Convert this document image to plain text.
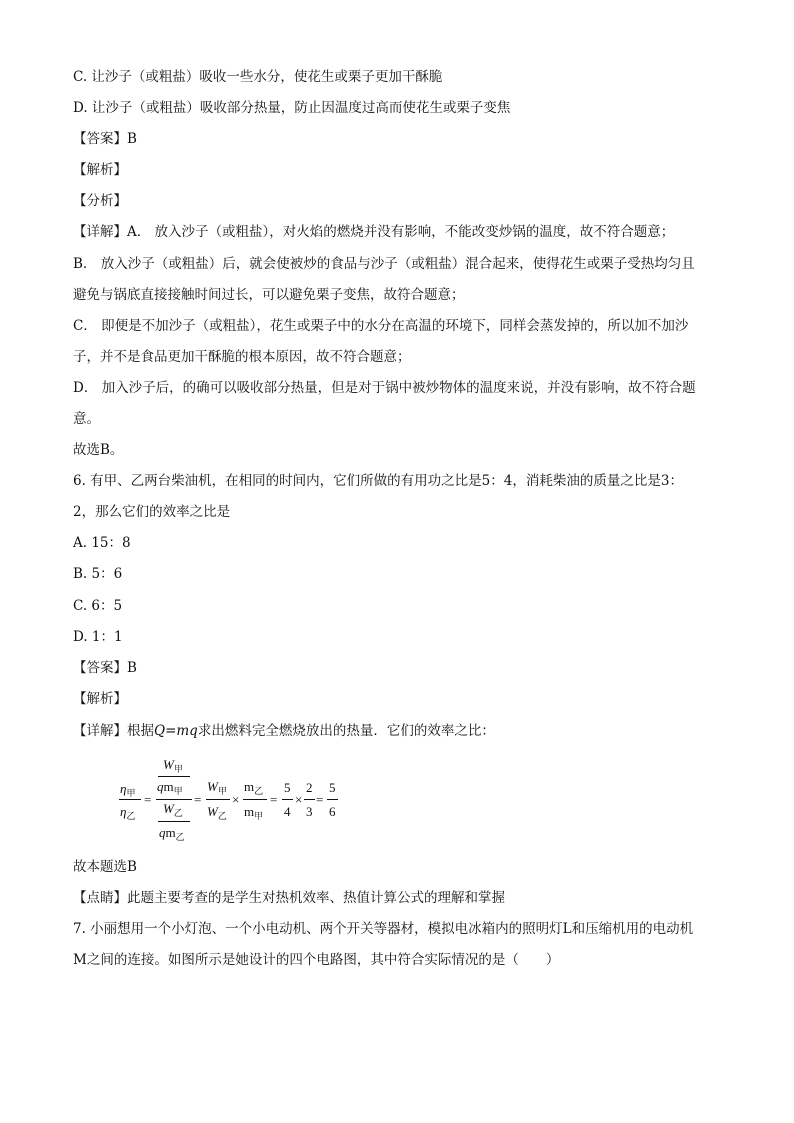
C. 让沙子（或粗盐）吸收一些水分，使花生或栗子更加干酥脆
D. 让沙子（或粗盐）吸收部分热量，防止因温度过高而使花生或栗子变焦
【答案】B
【解析】
【分析】
【详解】A． 放入沙子（或粗盐），对火焰的燃烧并没有影响，不能改变炒锅的温度，故不符合题意；
B． 放入沙子（或粗盐）后，就会使被炒的食品与沙子（或粗盐）混合起来，使得花生或栗子受热均匀且
避免与锅底直接接触时间过长，可以避免栗子变焦，故符合题意；
C． 即便是不加沙子（或粗盐），花生或栗子中的水分在高温的环境下，同样会蒸发掉的，所以加不加沙
子，并不是食品更加干酥脆的根本原因，故不符合题意；
D． 加入沙子后，的确可以吸收部分热量，但是对于锅中被炒物体的温度来说，并没有影响，故不符合题
意。
故选B。
6. 有甲、乙两台柴油机，在相同的时间内，它们所做的有用功之比是5：4，消耗柴油的质量之比是3：
2，那么它们的效率之比是
A. 15：8
B. 5：6
C. 6：5
D. 1：1
【答案】B
【解析】
【详解】根据Q=mq求出燃料完全燃烧放出的热量．它们的效率之比：
$\eta_甲$
$\eta_乙$
=
$W_甲$
$qm_甲$
$W_乙$
$qm_乙$
=
$W_甲$
$W_乙$
×
$m_乙$
$m_甲$
=
5
4
×
2
3
=
5
6
故本题选B
【点睛】此题主要考查的是学生对热机效率、热值计算公式的理解和掌握
7. 小丽想用一个小灯泡、一个小电动机、两个开关等器材，模拟电冰箱内的照明灯L和压缩机用的电动机
M之间的连接。如图所示是她设计的四个电路图，其中符合实际情况的是（　　）
